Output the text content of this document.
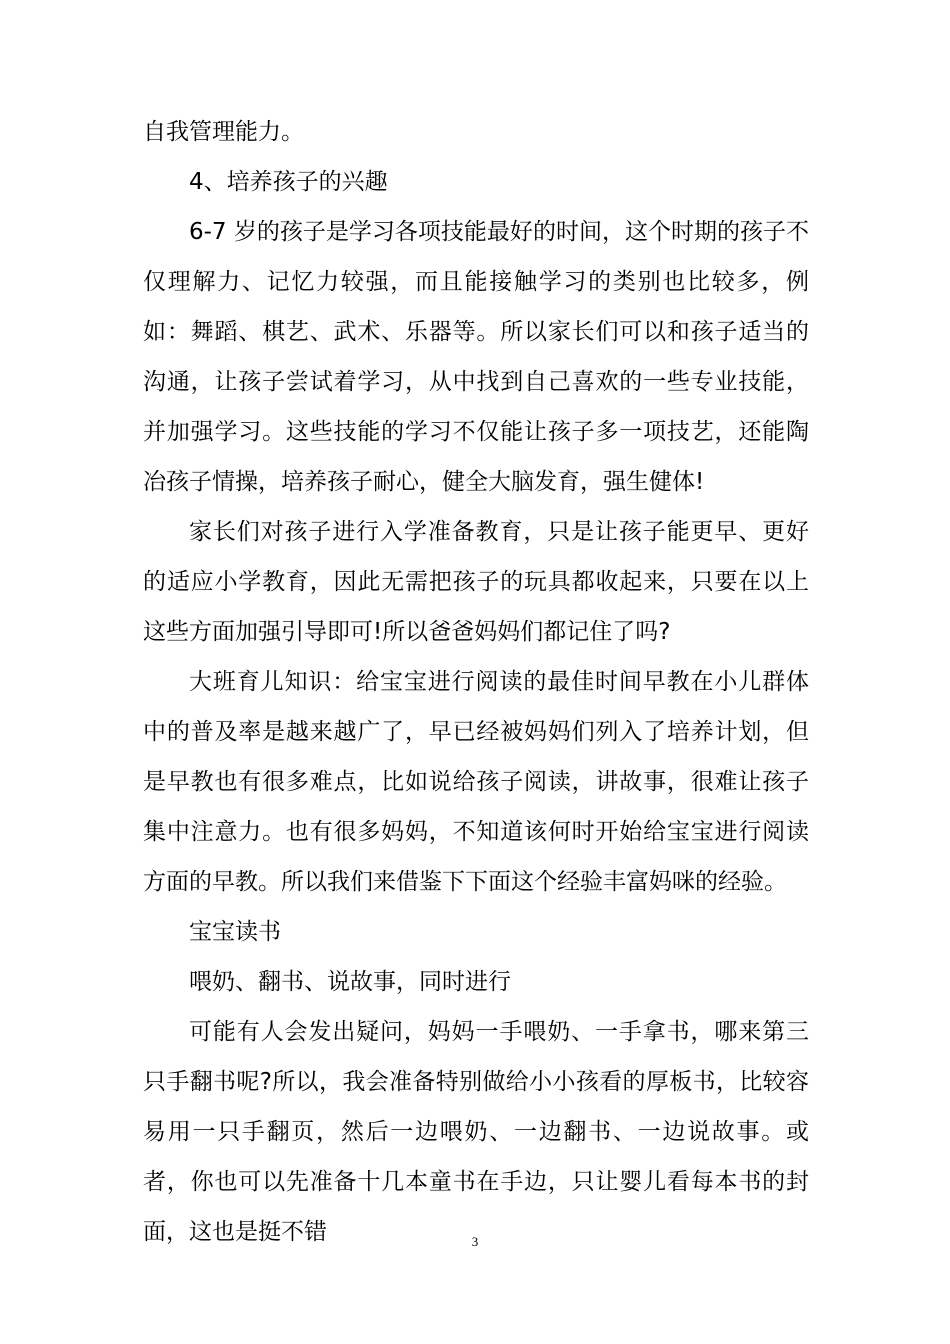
自我管理能力。

4、培养孩子的兴趣

6-7 岁的孩子是学习各项技能最好的时间，这个时期的孩子不仅理解力、记忆力较强，而且能接触学习的类别也比较多，例如：舞蹈、棋艺、武术、乐器等。所以家长们可以和孩子适当的沟通，让孩子尝试着学习，从中找到自己喜欢的一些专业技能，并加强学习。这些技能的学习不仅能让孩子多一项技艺，还能陶冶孩子情操，培养孩子耐心，健全大脑发育，强生健体!

家长们对孩子进行入学准备教育，只是让孩子能更早、更好的适应小学教育，因此无需把孩子的玩具都收起来，只要在以上这些方面加强引导即可!所以爸爸妈妈们都记住了吗?

大班育儿知识：给宝宝进行阅读的最佳时间早教在小儿群体中的普及率是越来越广了，早已经被妈妈们列入了培养计划，但是早教也有很多难点，比如说给孩子阅读，讲故事，很难让孩子集中注意力。也有很多妈妈，不知道该何时开始给宝宝进行阅读方面的早教。所以我们来借鉴下下面这个经验丰富妈咪的经验。

宝宝读书

喂奶、翻书、说故事，同时进行

可能有人会发出疑问，妈妈一手喂奶、一手拿书，哪来第三只手翻书呢?所以，我会准备特别做给小小孩看的厚板书，比较容易用一只手翻页，然后一边喂奶、一边翻书、一边说故事。或者，你也可以先准备十几本童书在手边，只让婴儿看每本书的封面，这也是挺不错	3
